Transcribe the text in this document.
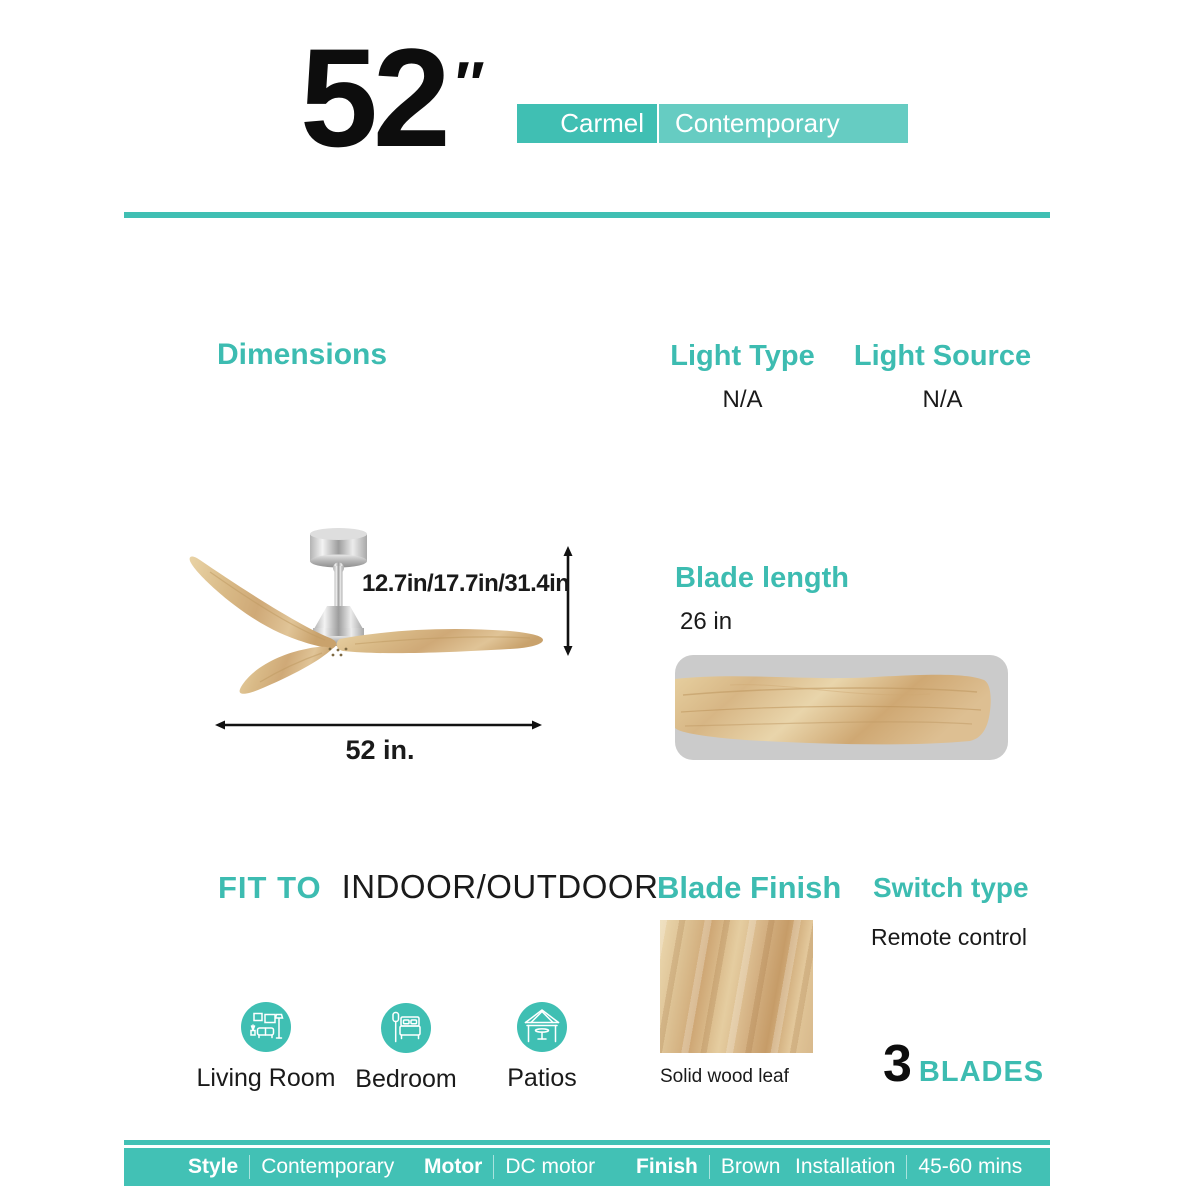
52 ″
Carmel	Contemporary
Dimensions	Light Type
N/A
Light Source
N/A
12.7in/17.7in/31.4in
52 in.
Blade length
26 in
FIT TO INDOOR/OUTDOOR
Living Room Bedroom Patios
Blade Finish
Solid wood leaf
Switch type
Remote control
3 BLADES
Style Contemporary Motor DC motor Finish Brown Installation 45-60 mins
